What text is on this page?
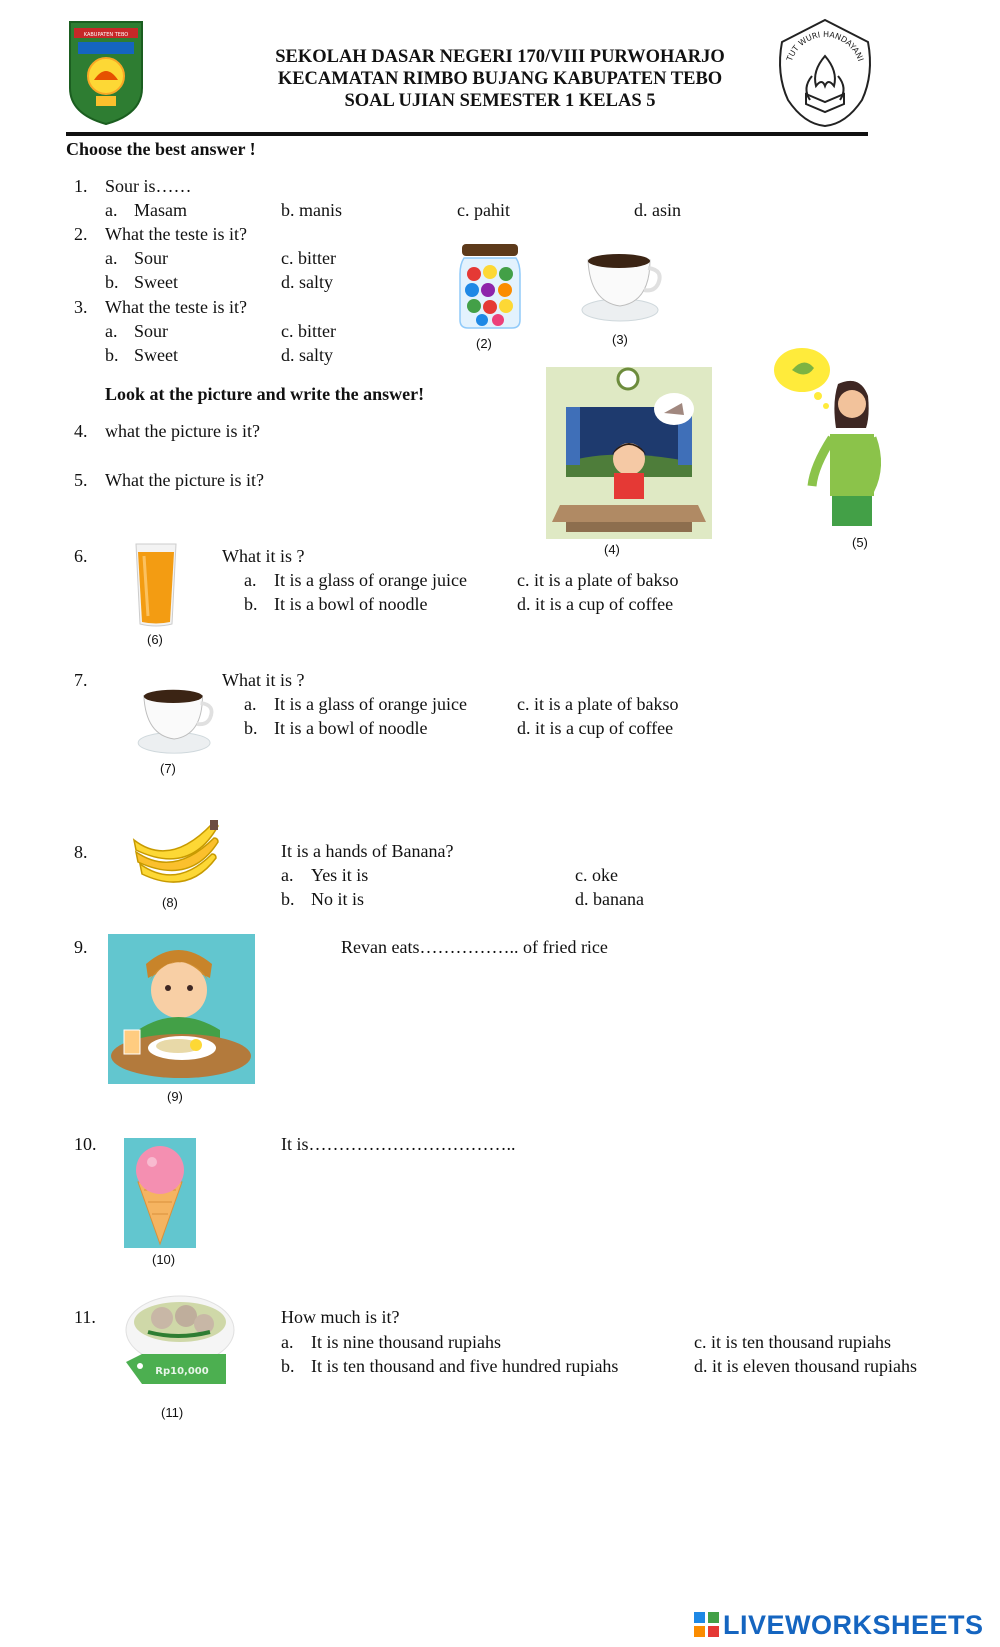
KABUPATEN TEBO
SEKOLAH DASAR NEGERI 170/VIII PURWOHARJO
KECAMATAN RIMBO BUJANG KABUPATEN TEBO
SOAL UJIAN SEMESTER 1 KELAS 5
TUT WURI HANDAYANI
Choose the best answer !
1. Sour is……
a. Masam	b. manis	c. pahit	d. asin
2. What the teste is it?
a. Sour	c. bitter
b. Sweet	d. salty
3. What the teste is it?
a. Sour	c. bitter
b. Sweet	d. salty
(2)	(3)
Look at the picture and write the answer!
4. what the picture is it?
5. What the picture is it?
(4)	(5)
6.
(6)
What it is ?
a. It is a glass of orange juice	c. it is a plate of bakso
b. It is a bowl of noodle	d. it is a cup of coffee
7.
(7)
What it is ?
a. It is a glass of orange juice	c. it is a plate of bakso
b. It is a bowl of noodle	d. it is a cup of coffee
8.
(8)
It is a hands of Banana?
a. Yes it is	c. oke
b. No it is	d. banana
9.
(9)
Revan eats…………….. of fried rice
10.
(10)
It is……………………………..
11.
Rp10,000
(11)
How much is it?
a. It is nine thousand rupiahs	c. it is ten thousand rupiahs
b. It is ten thousand and five hundred rupiahs	d. it is eleven thousand rupiahs
LIVEWORKSHEETS
